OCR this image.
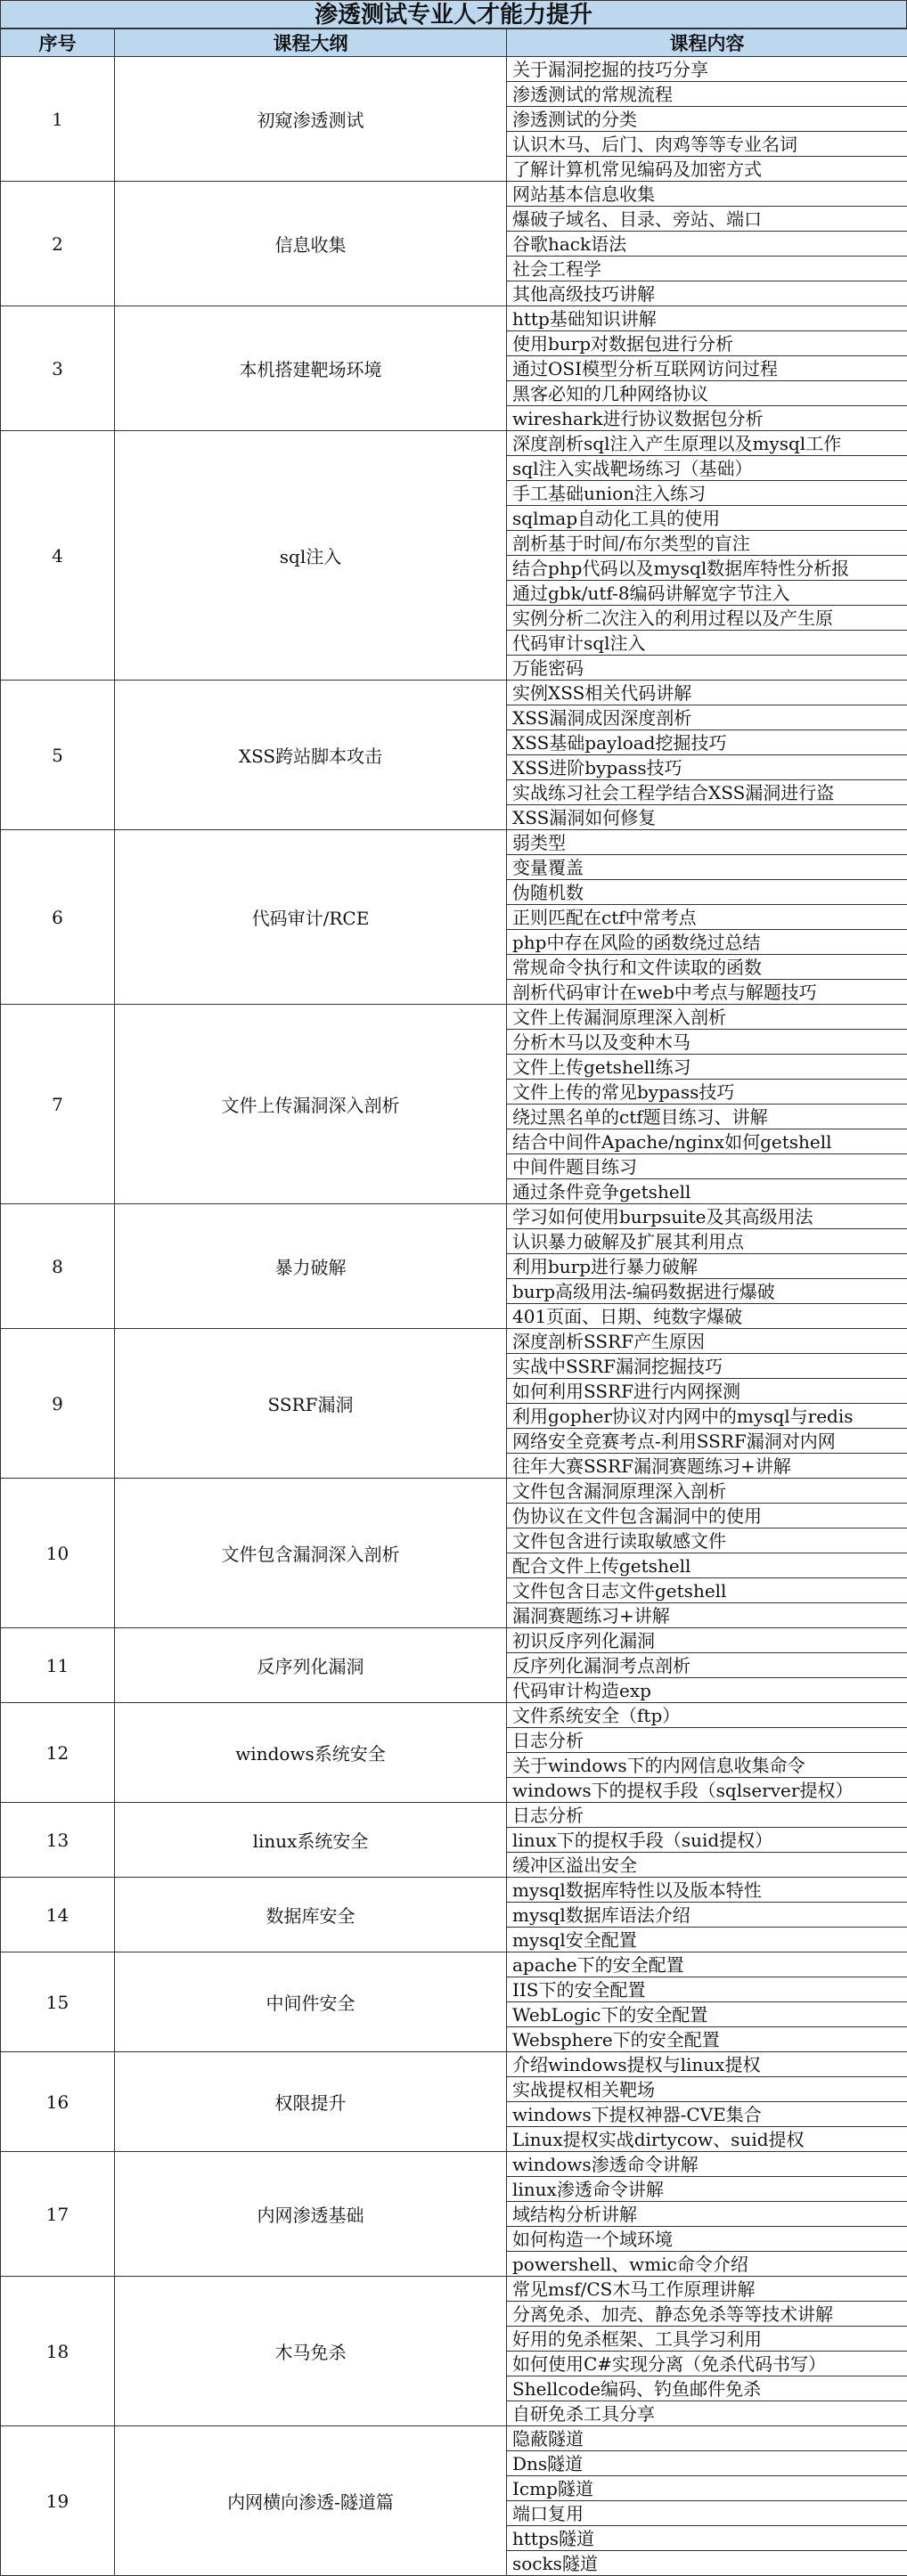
渗透测试专业人才能力提升
序号	课程大纲	课程内容
1	初窥渗透测试	关于漏洞挖掘的技巧分享
		渗透测试的常规流程
		渗透测试的分类
		认识木马、后门、肉鸡等等专业名词
		了解计算机常见编码及加密方式
2	信息收集	网站基本信息收集
		爆破子域名、目录、旁站、端口
		谷歌hack语法
		社会工程学
		其他高级技巧讲解
3	本机搭建靶场环境	http基础知识讲解
		使用burp对数据包进行分析
		通过OSI模型分析互联网访问过程
		黑客必知的几种网络协议
		wireshark进行协议数据包分析
4	sql注入	深度剖析sql注入产生原理以及mysql工作
		sql注入实战靶场练习（基础）
		手工基础union注入练习
		sqlmap自动化工具的使用
		剖析基于时间/布尔类型的盲注
		结合php代码以及mysql数据库特性分析报
		通过gbk/utf-8编码讲解宽字节注入
		实例分析二次注入的利用过程以及产生原
		代码审计sql注入
		万能密码
5	XSS跨站脚本攻击	实例XSS相关代码讲解
		XSS漏洞成因深度剖析
		XSS基础payload挖掘技巧
		XSS进阶bypass技巧
		实战练习社会工程学结合XSS漏洞进行盗
		XSS漏洞如何修复
6	代码审计/RCE	弱类型
		变量覆盖
		伪随机数
		正则匹配在ctf中常考点
		php中存在风险的函数绕过总结
		常规命令执行和文件读取的函数
		剖析代码审计在web中考点与解题技巧
7	文件上传漏洞深入剖析	文件上传漏洞原理深入剖析
		分析木马以及变种木马
		文件上传getshell练习
		文件上传的常见bypass技巧
		绕过黑名单的ctf题目练习、讲解
		结合中间件Apache/nginx如何getshell
		中间件题目练习
		通过条件竞争getshell
8	暴力破解	学习如何使用burpsuite及其高级用法
		认识暴力破解及扩展其利用点
		利用burp进行暴力破解
		burp高级用法-编码数据进行爆破
		401页面、日期、纯数字爆破
9	SSRF漏洞	深度剖析SSRF产生原因
		实战中SSRF漏洞挖掘技巧
		如何利用SSRF进行内网探测
		利用gopher协议对内网中的mysql与redis
		网络安全竞赛考点-利用SSRF漏洞对内网
		往年大赛SSRF漏洞赛题练习+讲解
10	文件包含漏洞深入剖析	文件包含漏洞原理深入剖析
		伪协议在文件包含漏洞中的使用
		文件包含进行读取敏感文件
		配合文件上传getshell
		文件包含日志文件getshell
		漏洞赛题练习+讲解
11	反序列化漏洞	初识反序列化漏洞
		反序列化漏洞考点剖析
		代码审计构造exp
12	windows系统安全	文件系统安全（ftp）
		日志分析
		关于windows下的内网信息收集命令
		windows下的提权手段（sqlserver提权）
13	linux系统安全	日志分析
		linux下的提权手段（suid提权）
		缓冲区溢出安全
14	数据库安全	mysql数据库特性以及版本特性
		mysql数据库语法介绍
		mysql安全配置
15	中间件安全	apache下的安全配置
		IIS下的安全配置
		WebLogic下的安全配置
		Websphere下的安全配置
16	权限提升	介绍windows提权与linux提权
		实战提权相关靶场
		windows下提权神器-CVE集合
		Linux提权实战dirtycow、suid提权
17	内网渗透基础	windows渗透命令讲解
		linux渗透命令讲解
		域结构分析讲解
		如何构造一个域环境
		powershell、wmic命令介绍
18	木马免杀	常见msf/CS木马工作原理讲解
		分离免杀、加壳、静态免杀等等技术讲解
		好用的免杀框架、工具学习利用
		如何使用C#实现分离（免杀代码书写）
		Shellcode编码、钓鱼邮件免杀
		自研免杀工具分享
19	内网横向渗透-隧道篇	隐蔽隧道
		Dns隧道
		Icmp隧道
		端口复用
		https隧道
		socks隧道
